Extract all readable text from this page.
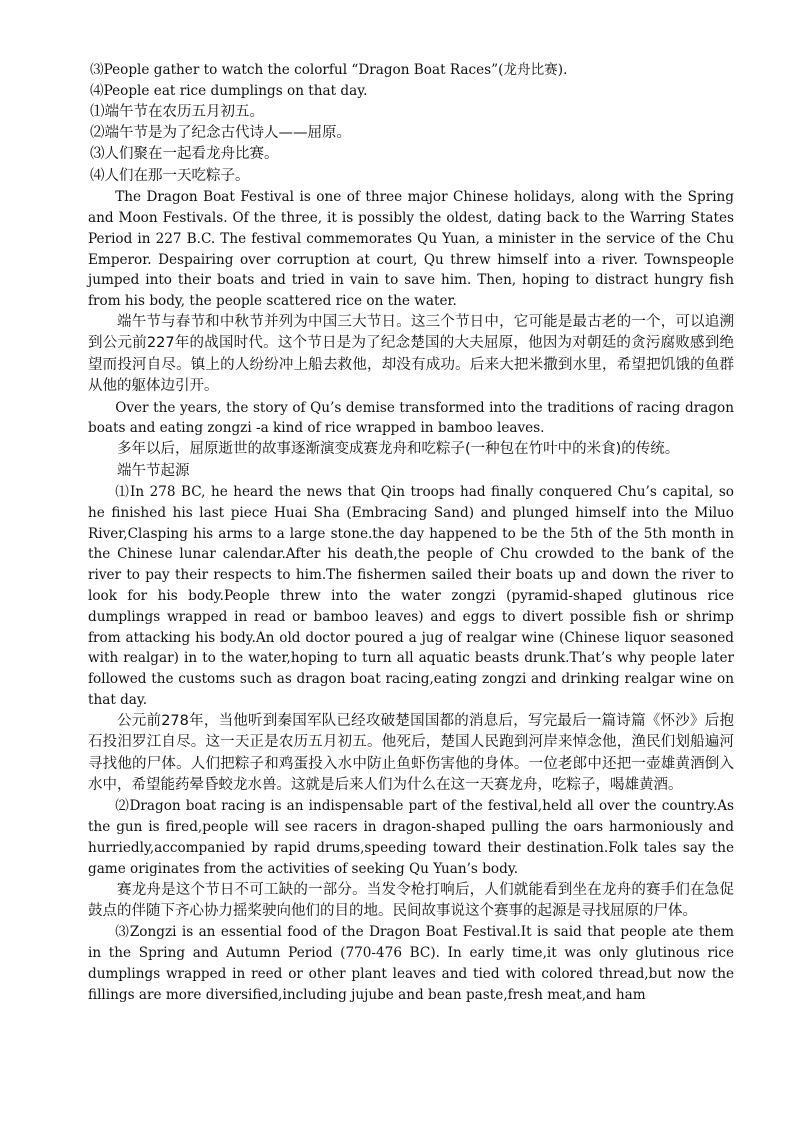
⑶People gather to watch the colorful “Dragon Boat Races”(龙舟比赛).
⑷People eat rice dumplings on that day.
⑴端午节在农历五月初五。
⑵端午节是为了纪念古代诗人——屈原。
⑶人们聚在一起看龙舟比赛。
⑷人们在那一天吃粽子。

The Dragon Boat Festival is one of three major Chinese holidays, along with the Spring and Moon Festivals. Of the three, it is possibly the oldest, dating back to the Warring States Period in 227 B.C. The festival commemorates Qu Yuan, a minister in the service of the Chu Emperor. Despairing over corruption at court, Qu threw himself into a river. Townspeople jumped into their boats and tried in vain to save him. Then, hoping to distract hungry fish from his body, the people scattered rice on the water.

端午节与春节和中秋节并列为中国三大节日。这三个节日中，它可能是最古老的一个，可以追溯到公元前227年的战国时代。这个节日是为了纪念楚国的大夫屈原，他因为对朝廷的贪污腐败感到绝望而投河自尽。镇上的人纷纷冲上船去救他，却没有成功。后来大把米撒到水里，希望把饥饿的鱼群从他的躯体边引开。

Over the years, the story of Qu’s demise transformed into the traditions of racing dragon boats and eating zongzi -a kind of rice wrapped in bamboo leaves.

多年以后，屈原逝世的故事逐渐演变成赛龙舟和吃粽子(一种包在竹叶中的米食)的传统。

端午节起源

⑴In 278 BC, he heard the news that Qin troops had finally conquered Chu’s capital, so he finished his last piece Huai Sha (Embracing Sand) and plunged himself into the Miluo River,Clasping his arms to a large stone.the day happened to be the 5th of the 5th month in the Chinese lunar calendar.After his death,the people of Chu crowded to the bank of the river to pay their respects to him.The fishermen sailed their boats up and down the river to look for his body.People threw into the water zongzi (pyramid-shaped glutinous rice dumplings wrapped in read or bamboo leaves) and eggs to divert possible fish or shrimp from attacking his body.An old doctor poured a jug of realgar wine (Chinese liquor seasoned with realgar) in to the water,hoping to turn all aquatic beasts drunk.That’s why people later followed the customs such as dragon boat racing,eating zongzi and drinking realgar wine on that day.

公元前278年，当他听到秦国军队已经攻破楚国国都的消息后，写完最后一篇诗篇《怀沙》后抱石投汨罗江自尽。这一天正是农历五月初五。他死后，楚国人民跑到河岸来悼念他，渔民们划船遍河寻找他的尸体。人们把粽子和鸡蛋投入水中防止鱼虾伤害他的身体。一位老郎中还把一壶雄黄酒倒入水中，希望能药晕昏蛟龙水兽。这就是后来人们为什么在这一天赛龙舟，吃粽子，喝雄黄酒。

⑵Dragon boat racing is an indispensable part of the festival,held all over the country.As the gun is fired,people will see racers in dragon-shaped pulling the oars harmoniously and hurriedly,accompanied by rapid drums,speeding toward their destination.Folk tales say the game originates from the activities of seeking Qu Yuan’s body.

赛龙舟是这个节日不可工缺的一部分。当发令枪打响后，人们就能看到坐在龙舟的赛手们在急促鼓点的伴随下齐心协力摇桨驶向他们的目的地。民间故事说这个赛事的起源是寻找屈原的尸体。

⑶Zongzi is an essential food of the Dragon Boat Festival.It is said that people ate them in the Spring and Autumn Period (770-476 BC). In early time,it was only glutinous rice dumplings wrapped in reed or other plant leaves and tied with colored thread,but now the fillings are more diversified,including jujube and bean paste,fresh meat,and ham
